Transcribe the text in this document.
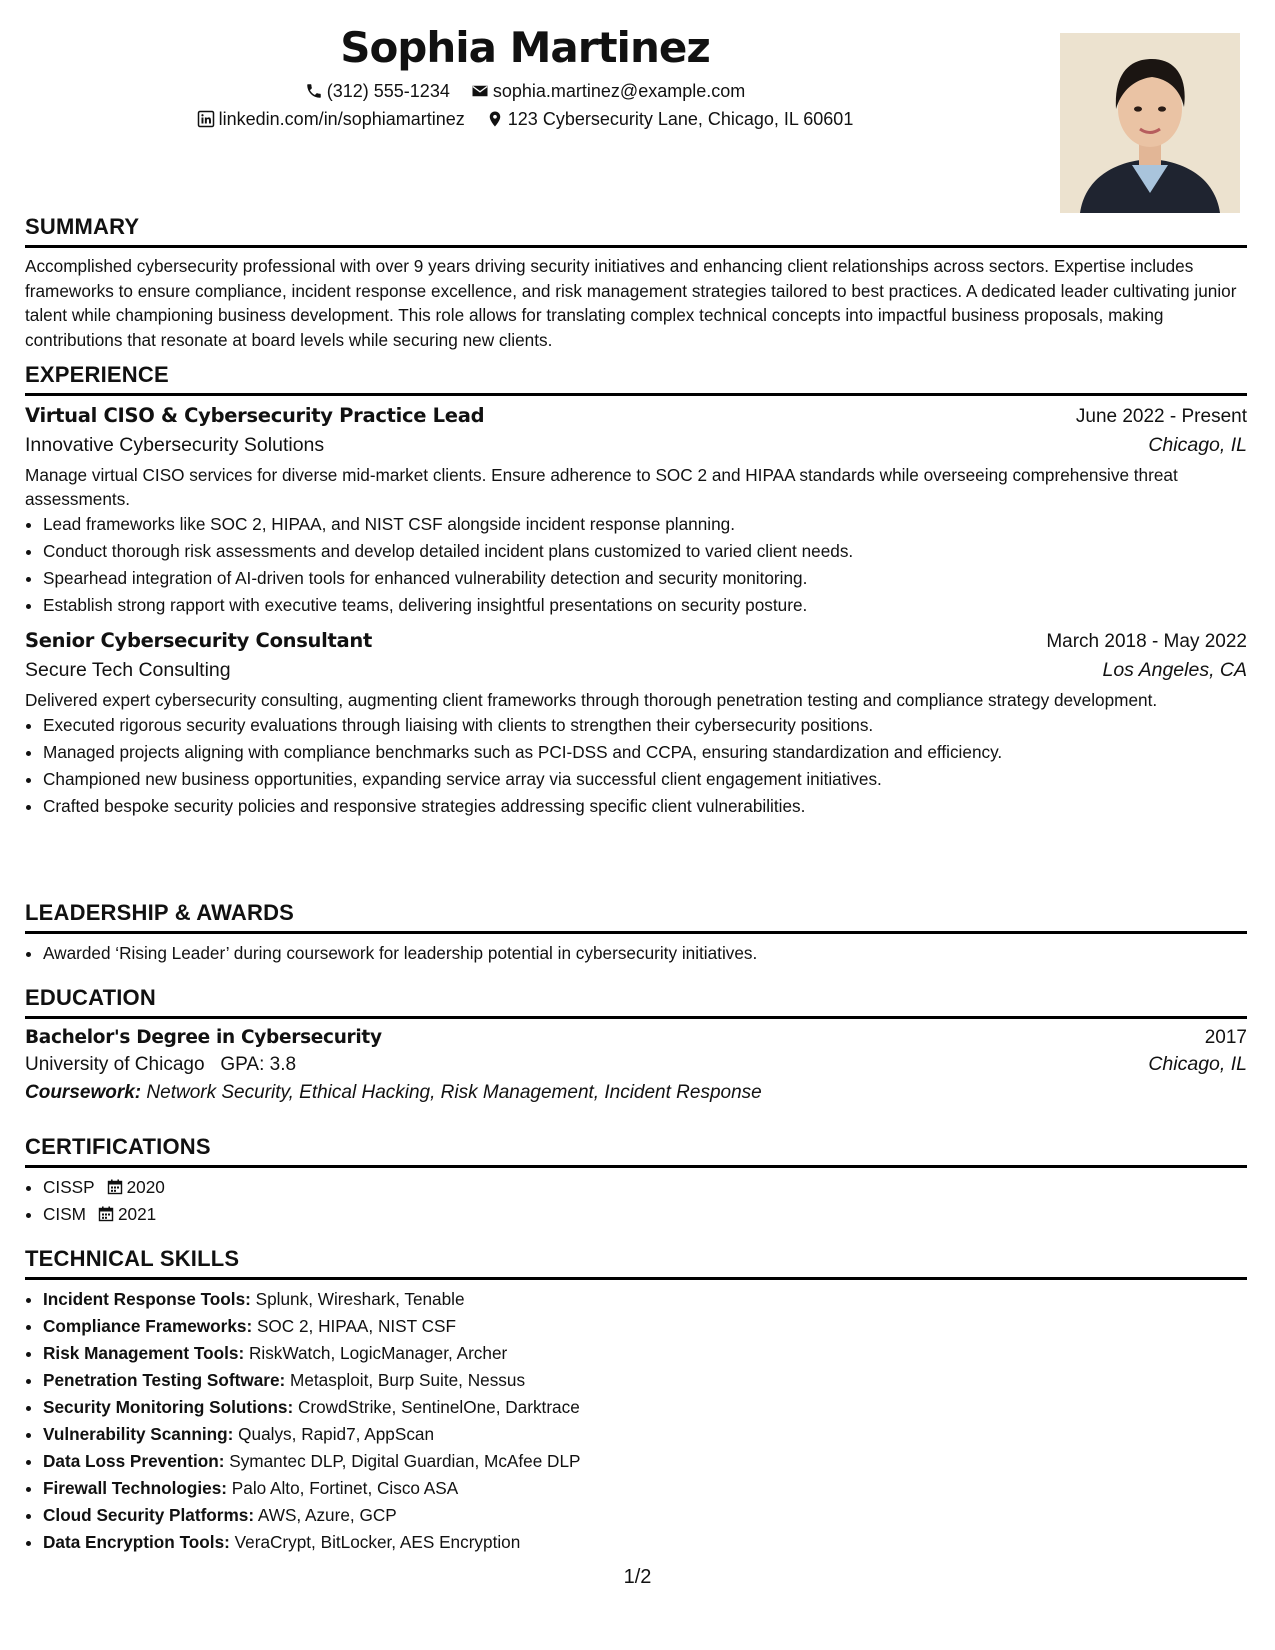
Sophia Martinez
(312) 555-1234 sophia.martinez@example.com
linkedin.com/in/sophiamartinez 123 Cybersecurity Lane, Chicago, IL 60601
SUMMARY
Accomplished cybersecurity professional with over 9 years driving security initiatives and enhancing client relationships across sectors. Expertise includes frameworks to ensure compliance, incident response excellence, and risk management strategies tailored to best practices. A dedicated leader cultivating junior talent while championing business development. This role allows for translating complex technical concepts into impactful business proposals, making contributions that resonate at board levels while securing new clients.
EXPERIENCE
Virtual CISO & Cybersecurity Practice Lead	June 2022 - Present
Innovative Cybersecurity Solutions	Chicago, IL
Manage virtual CISO services for diverse mid-market clients. Ensure adherence to SOC 2 and HIPAA standards while overseeing comprehensive threat assessments.
• Lead frameworks like SOC 2, HIPAA, and NIST CSF alongside incident response planning.
• Conduct thorough risk assessments and develop detailed incident plans customized to varied client needs.
• Spearhead integration of AI-driven tools for enhanced vulnerability detection and security monitoring.
• Establish strong rapport with executive teams, delivering insightful presentations on security posture.
Senior Cybersecurity Consultant	March 2018 - May 2022
Secure Tech Consulting	Los Angeles, CA
Delivered expert cybersecurity consulting, augmenting client frameworks through thorough penetration testing and compliance strategy development.
• Executed rigorous security evaluations through liaising with clients to strengthen their cybersecurity positions.
• Managed projects aligning with compliance benchmarks such as PCI-DSS and CCPA, ensuring standardization and efficiency.
• Championed new business opportunities, expanding service array via successful client engagement initiatives.
• Crafted bespoke security policies and responsive strategies addressing specific client vulnerabilities.
LEADERSHIP & AWARDS
• Awarded ‘Rising Leader’ during coursework for leadership potential in cybersecurity initiatives.
EDUCATION
Bachelor's Degree in Cybersecurity	2017
University of Chicago GPA: 3.8	Chicago, IL
Coursework: Network Security, Ethical Hacking, Risk Management, Incident Response
CERTIFICATIONS
• CISSP 2020
• CISM 2021
TECHNICAL SKILLS
• Incident Response Tools: Splunk, Wireshark, Tenable
• Compliance Frameworks: SOC 2, HIPAA, NIST CSF
• Risk Management Tools: RiskWatch, LogicManager, Archer
• Penetration Testing Software: Metasploit, Burp Suite, Nessus
• Security Monitoring Solutions: CrowdStrike, SentinelOne, Darktrace
• Vulnerability Scanning: Qualys, Rapid7, AppScan
• Data Loss Prevention: Symantec DLP, Digital Guardian, McAfee DLP
• Firewall Technologies: Palo Alto, Fortinet, Cisco ASA
• Cloud Security Platforms: AWS, Azure, GCP
• Data Encryption Tools: VeraCrypt, BitLocker, AES Encryption
1/2
